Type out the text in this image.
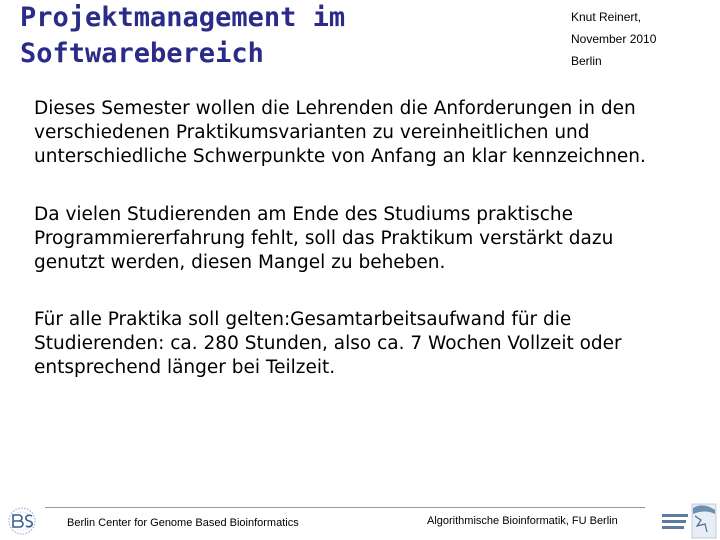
Projektmanagement im
Softwarebereich
Knut Reinert,
November 2010
Berlin
Dieses Semester wollen die Lehrenden die Anforderungen in den
verschiedenen Praktikumsvarianten zu vereinheitlichen und
unterschiedliche Schwerpunkte von Anfang an klar kennzeichnen.
Da vielen Studierenden am Ende des Studiums praktische
Programmiererfahrung fehlt, soll das Praktikum verstärkt dazu
genutzt werden, diesen Mangel zu beheben.
Für alle Praktika soll gelten:Gesamtarbeitsaufwand für die
Studierenden: ca. 280 Stunden, also ca. 7 Wochen Vollzeit oder
entsprechend länger bei Teilzeit.
Berlin Center for Genome Based Bioinformatics	Algorithmische Bioinformatik, FU Berlin
